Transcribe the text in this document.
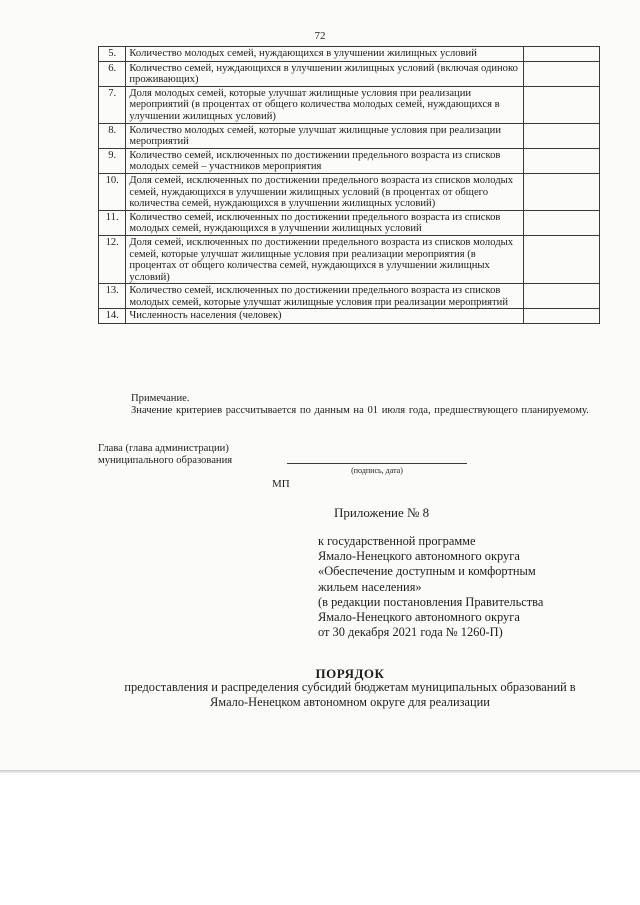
72
5.	Количество молодых семей, нуждающихся в улучшении жилищных условий	
6.	Количество семей, нуждающихся в улучшении жилищных условий (включая одиноко проживающих)	
7.	Доля молодых семей, которые улучшат жилищные условия при реализации мероприятий (в процентах от общего количества молодых семей, нуждающихся в улучшении жилищных условий)	
8.	Количество молодых семей, которые улучшат жилищные условия при реализации мероприятий	
9.	Количество семей, исключенных по достижении предельного возраста из списков молодых семей – участников мероприятия	
10.	Доля семей, исключенных по достижении предельного возраста из списков молодых семей, нуждающихся в улучшении жилищных условий (в процентах от общего количества семей, нуждающихся в улучшении жилищных условий)	
11.	Количество семей, исключенных по достижении предельного возраста из списков молодых семей, нуждающихся в улучшении жилищных условий	
12.	Доля семей, исключенных по достижении предельного возраста из списков молодых семей, которые улучшат жилищные условия при реализации мероприятия (в процентах от общего количества семей, нуждающихся в улучшении жилищных условий)	
13.	Количество семей, исключенных по достижении предельного возраста из списков молодых семей, которые улучшат жилищные условия при реализации мероприятий	
14.	Численность населения (человек)	
Примечание.
Значение критериев рассчитывается по данным на 01 июля года, предшествующего планируемому.
Глава (глава администрации)
муниципального образования
(подпись, дата)
МП
Приложение № 8
к государственной программе
Ямало-Ненецкого автономного округа
«Обеспечение доступным и комфортным
жильем населения»
(в редакции постановления Правительства
Ямало-Ненецкого автономного округа
от 30 декабря 2021 года № 1260-П)
ПОРЯДОК
предоставления и распределения субсидий бюджетам муниципальных образований в Ямало-Ненецком автономном округе для реализации
